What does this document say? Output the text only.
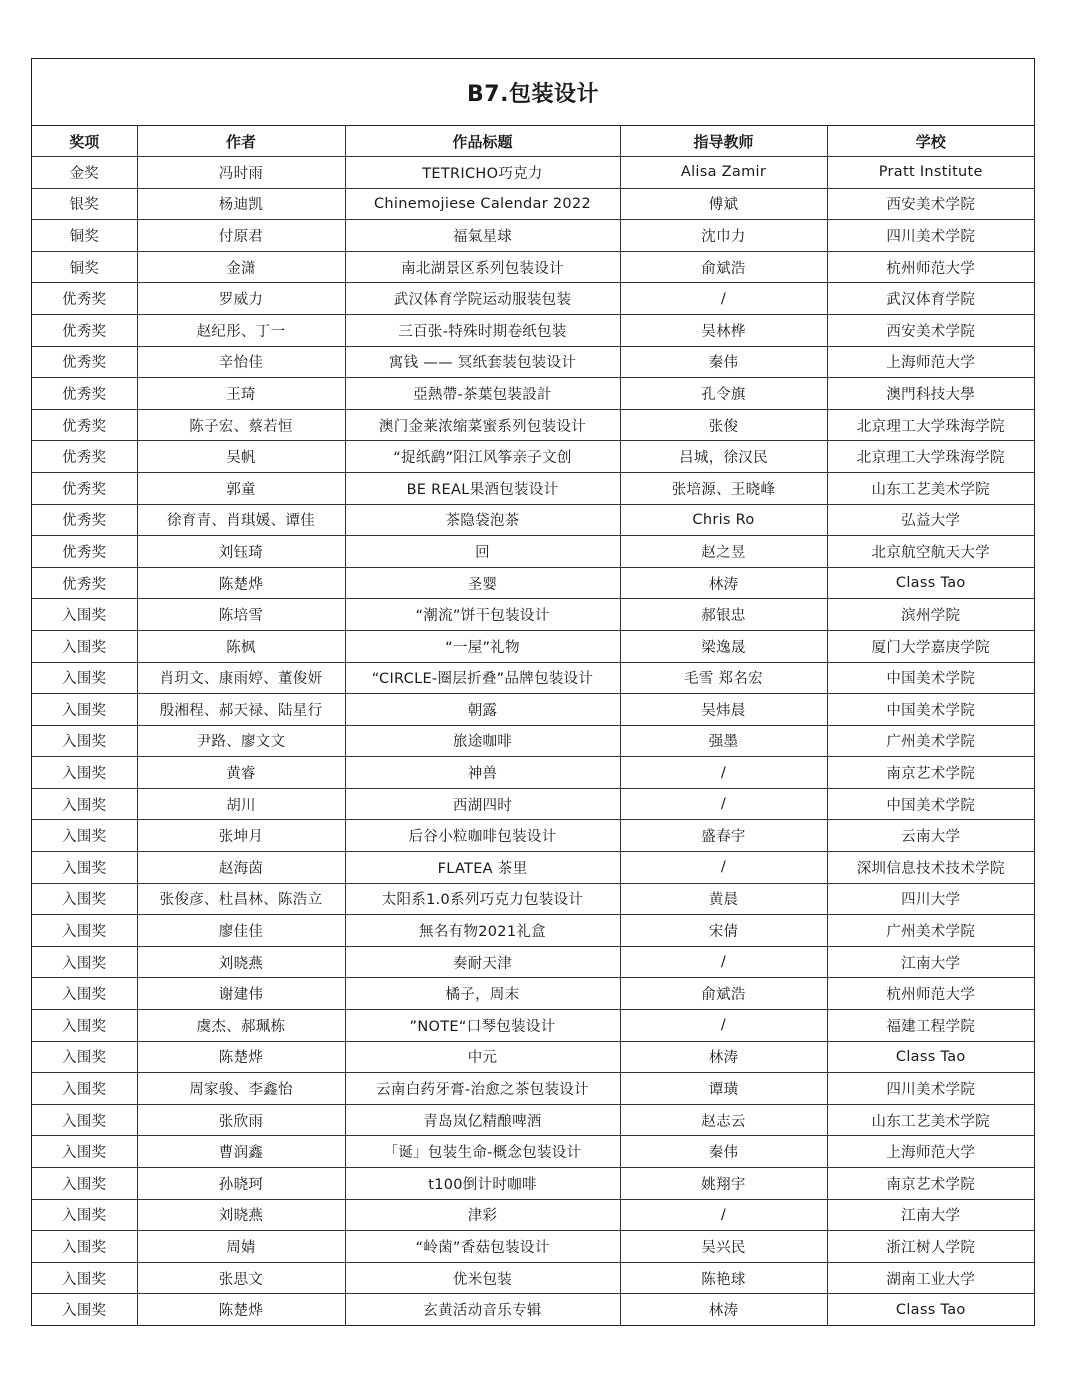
B7.包装设计
奖项	作者	作品标题	指导教师	学校
金奖	冯时雨	TETRICHO巧克力	Alisa Zamir	Pratt Institute
银奖	杨迪凯	Chinemojiese Calendar 2022	傅斌	西安美术学院
铜奖	付原君	福氣星球	沈巾力	四川美术学院
铜奖	金潇	南北湖景区系列包装设计	俞斌浩	杭州师范大学
优秀奖	罗威力	武汉体育学院运动服装包装	/	武汉体育学院
优秀奖	赵纪彤、丁一	三百张-特殊时期卷纸包装	吴林桦	西安美术学院
优秀奖	辛怡佳	寓钱 —— 冥纸套装包装设计	秦伟	上海师范大学
优秀奖	王琦	亞熱帶-茶葉包裝設計	孔令旗	澳門科技大學
优秀奖	陈子宏、蔡若恒	澳门金莱浓缩菜蜜系列包装设计	张俊	北京理工大学珠海学院
优秀奖	吴帆	“捉纸鹞”阳江风筝亲子文创	吕城，徐汉民	北京理工大学珠海学院
优秀奖	郭童	BE REAL果酒包装设计	张培源、王晓峰	山东工艺美术学院
优秀奖	徐育青、肖琪媛、谭佳	茶隐袋泡茶	Chris Ro	弘益大学
优秀奖	刘钰琦	回	赵之昱	北京航空航天大学
优秀奖	陈楚烨	圣婴	林涛	Class Tao
入围奖	陈培雪	“潮流”饼干包装设计	郝银忠	滨州学院
入围奖	陈枫	“一屋”礼物	梁逸晟	厦门大学嘉庚学院
入围奖	肖玥文、康雨婷、董俊妍	“CIRCLE-圈层折叠”品牌包装设计	毛雪 郑名宏	中国美术学院
入围奖	殷湘程、郝天禄、陆星行	朝露	吴炜晨	中国美术学院
入围奖	尹路、廖文文	旅途咖啡	强墨	广州美术学院
入围奖	黄睿	神兽	/	南京艺术学院
入围奖	胡川	西湖四时	/	中国美术学院
入围奖	张坤月	后谷小粒咖啡包装设计	盛春宇	云南大学
入围奖	赵海茵	FLATEA 茶里	/	深圳信息技术技术学院
入围奖	张俊彦、杜昌林、陈浩立	太阳系1.0系列巧克力包装设计	黄晨	四川大学
入围奖	廖佳佳	無名有物2021礼盒	宋倩	广州美术学院
入围奖	刘晓燕	奏耐天津	/	江南大学
入围奖	谢建伟	橘子，周末	俞斌浩	杭州师范大学
入围奖	虞杰、郝珮栋	”NOTE“口琴包装设计	/	福建工程学院
入围奖	陈楚烨	中元	林涛	Class Tao
入围奖	周家骏、李鑫怡	云南白药牙膏-治愈之茶包装设计	谭璜	四川美术学院
入围奖	张欣雨	青岛岚亿精酿啤酒	赵志云	山东工艺美术学院
入围奖	曹润鑫	「诞」包装生命-概念包装设计	秦伟	上海师范大学
入围奖	孙晓珂	t100倒计时咖啡	姚翔宇	南京艺术学院
入围奖	刘晓燕	津彩	/	江南大学
入围奖	周婧	“岭菌”香菇包装设计	吴兴民	浙江树人学院
入围奖	张思文	优米包装	陈艳球	湖南工业大学
入围奖	陈楚烨	玄黄活动音乐专辑	林涛	Class Tao
